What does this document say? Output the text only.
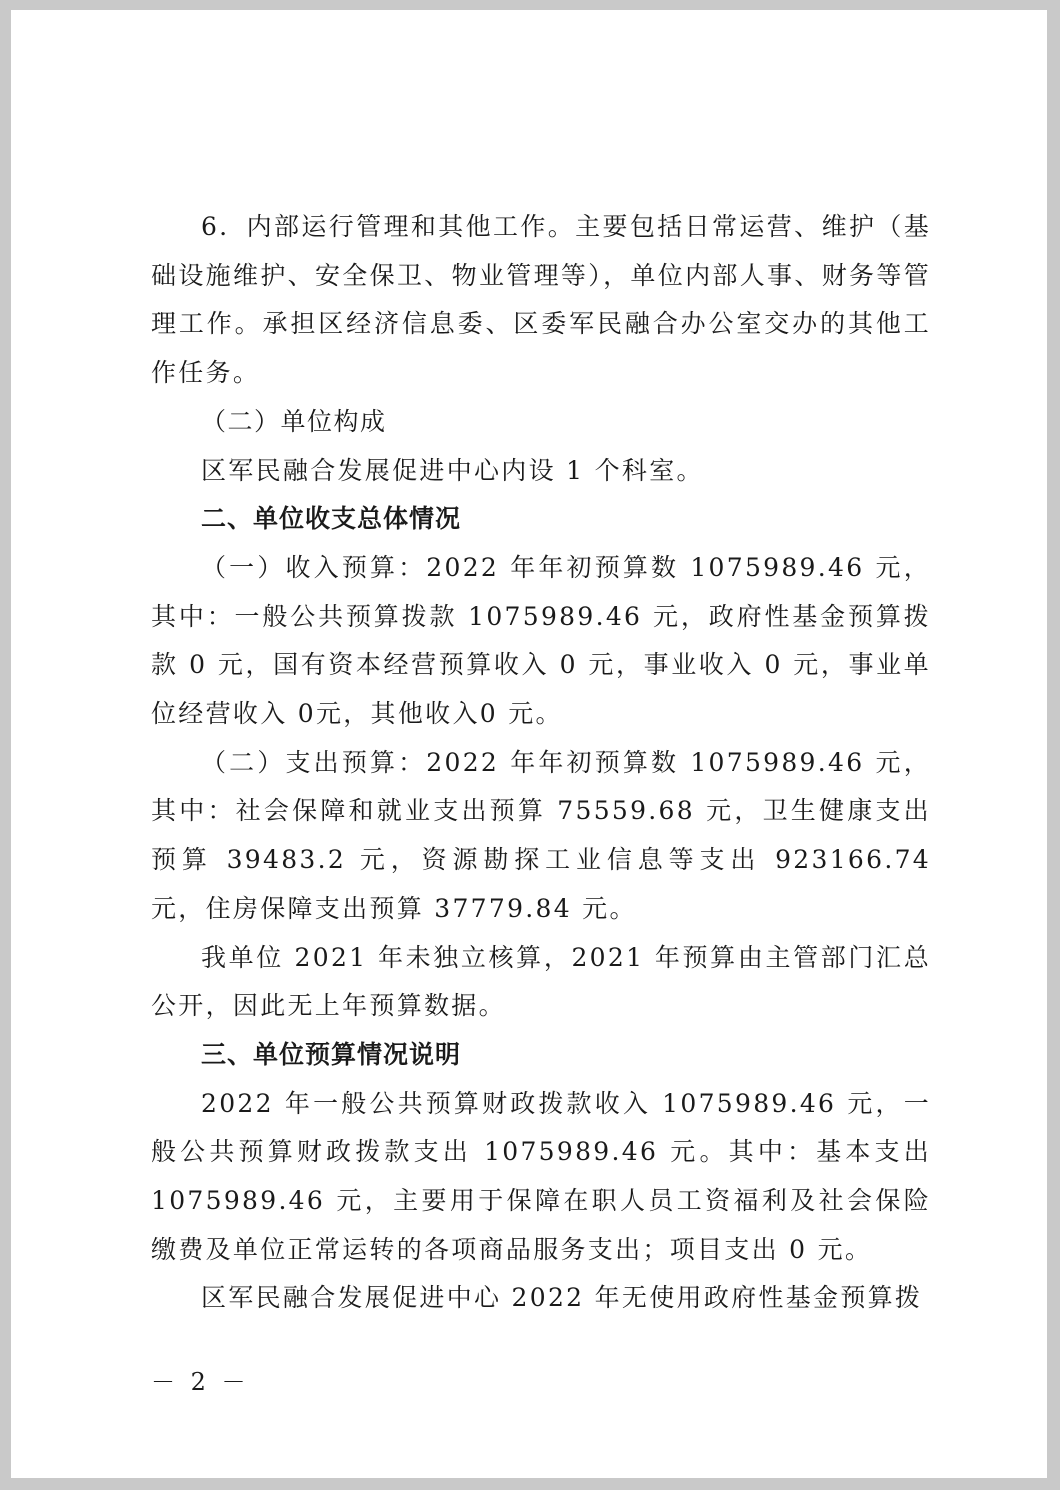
6．内部运行管理和其他工作。主要包括日常运营、维护（基础设施维护、安全保卫、物业管理等），单位内部人事、财务等管理工作。承担区经济信息委、区委军民融合办公室交办的其他工作任务。

（二）单位构成

区军民融合发展促进中心内设 1 个科室。

二、单位收支总体情况

（一）收入预算：2022 年年初预算数 1075989.46 元，其中：一般公共预算拨款 1075989.46 元，政府性基金预算拨款 0 元，国有资本经营预算收入 0 元，事业收入 0 元，事业单位经营收入 0元，其他收入0 元。

（二）支出预算：2022 年年初预算数 1075989.46 元，其中：社会保障和就业支出预算 75559.68 元，卫生健康支出预算 39483.2 元，资源勘探工业信息等支出 923166.74 元，住房保障支出预算 37779.84 元。

我单位 2021 年未独立核算，2021 年预算由主管部门汇总公开，因此无上年预算数据。

三、单位预算情况说明

2022 年一般公共预算财政拨款收入 1075989.46 元，一般公共预算财政拨款支出 1075989.46 元。其中：基本支出 1075989.46 元，主要用于保障在职人员工资福利及社会保险缴费及单位正常运转的各项商品服务支出；项目支出 0 元。

区军民融合发展促进中心 2022 年无使用政府性基金预算拨

－ 2 －
